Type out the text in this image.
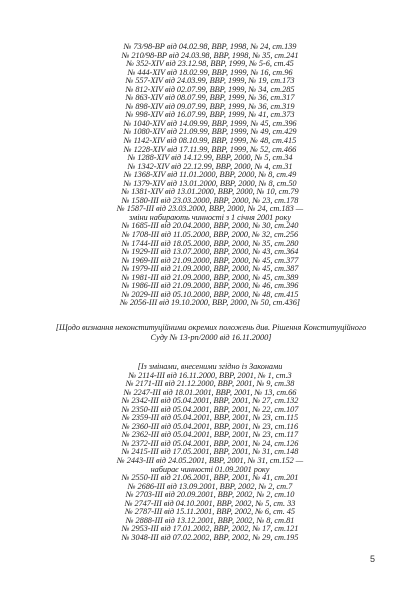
№ 73/98-ВР від 04.02.98, ВВР, 1998, № 24, ст.139
№ 210/98-ВР від 24.03.98, ВВР, 1998, № 35, ст.241
№ 352-XIV від 23.12.98, ВВР, 1999, № 5-6, ст.45
№ 444-XIV від 18.02.99, ВВР, 1999, № 16, ст.96
№ 557-XIV від 24.03.99, ВВР, 1999, № 19, ст.173
№ 812-XIV від 02.07.99, ВВР, 1999, № 34, ст.285
№ 863-XIV від 08.07.99, ВВР, 1999, № 36, ст.317
№ 898-XIV від 09.07.99, ВВР, 1999, № 36, ст.319
№ 998-XIV від 16.07.99, ВВР, 1999, № 41, ст.373
№ 1040-XIV від 14.09.99, ВВР, 1999, № 45, ст.396
№ 1080-XIV від 21.09.99, ВВР, 1999, № 49, ст.429
№ 1142-XIV від 08.10.99, ВВР, 1999, № 48, ст.415
№ 1228-XIV від 17.11.99, ВВР, 1999, № 52, ст.466
№ 1288-XIV від 14.12.99, ВВР, 2000, № 5, ст.34
№ 1342-XIV від 22.12.99, ВВР, 2000, № 4, ст.31
№ 1368-XIV від 11.01.2000, ВВР, 2000, № 8, ст.49
№ 1379-XIV від 13.01.2000, ВВР, 2000, № 8, ст.50
№ 1381-XIV від 13.01.2000, ВВР, 2000, № 10, ст.79
№ 1580-III від 23.03.2000, ВВР, 2000, № 23, ст.178
№ 1587-III від 23.03.2000, ВВР, 2000, № 24, ст.183 —
зміни набирають чинності з 1 січня 2001 року
№ 1685-III від 20.04.2000, ВВР, 2000, № 30, ст.240
№ 1708-III від 11.05.2000, ВВР, 2000, № 32, ст.256
№ 1744-III від 18.05.2000, ВВР, 2000, № 35, ст.280
№ 1929-III від 13.07.2000, ВВР, 2000, № 43, ст.364
№ 1969-III від 21.09.2000, ВВР, 2000, № 45, ст.377
№ 1979-III від 21.09.2000, ВВР, 2000, № 45, ст.387
№ 1981-III від 21.09.2000, ВВР, 2000, № 45, ст.389
№ 1986-III від 21.09.2000, ВВР, 2000, № 46, ст.396
№ 2029-III від 05.10.2000, ВВР, 2000, № 48, ст.415
№ 2056-III від 19.10.2000, ВВР, 2000, № 50, ст.436]
[Щодо визнання неконституційними окремих положень див. Рішення Конституційного
Суду № 13-рп/2000 від 16.11.2000]
[Із змінами, внесеними згідно із Законами
№ 2114-III від 16.11.2000, ВВР, 2001, № 1, ст.3
№ 2171-III від 21.12.2000, ВВР, 2001, № 9, ст.38
№ 2247-III від 18.01.2001, ВВР, 2001, № 13, ст.66
№ 2342-III від 05.04.2001, ВВР, 2001, № 27, ст.132
№ 2350-III від 05.04.2001, ВВР, 2001, № 22, ст.107
№ 2359-III від 05.04.2001, ВВР, 2001, № 23, ст.115
№ 2360-III від 05.04.2001, ВВР, 2001, № 23, ст.116
№ 2362-III від 05.04.2001, ВВР, 2001, № 23, ст.117
№ 2372-III від 05.04.2001, ВВР, 2001, № 24, ст.126
№ 2415-III від 17.05.2001, ВВР, 2001, № 31, ст.148
№ 2443-III від 24.05.2001, ВВР, 2001, № 31, ст.152 —
набирає чинності 01.09.2001 року
№ 2550-III від 21.06.2001, ВВР, 2001, № 41, ст.201
№ 2686-III від 13.09.2001, ВВР, 2002, № 2, ст.7
№ 2703-III від 20.09.2001, ВВР, 2002, № 2, ст.10
№ 2747-III від 04.10.2001, ВВР, 2002, № 5, ст. 33
№ 2787-III від 15.11.2001, ВВР, 2002, № 6, ст. 45
№ 2888-III від 13.12.2001, ВВР, 2002, № 8, ст.81
№ 2953-III від 17.01.2002, ВВР, 2002, № 17, ст.121
№ 3048-III від 07.02.2002, ВВР, 2002, № 29, ст.195
5
